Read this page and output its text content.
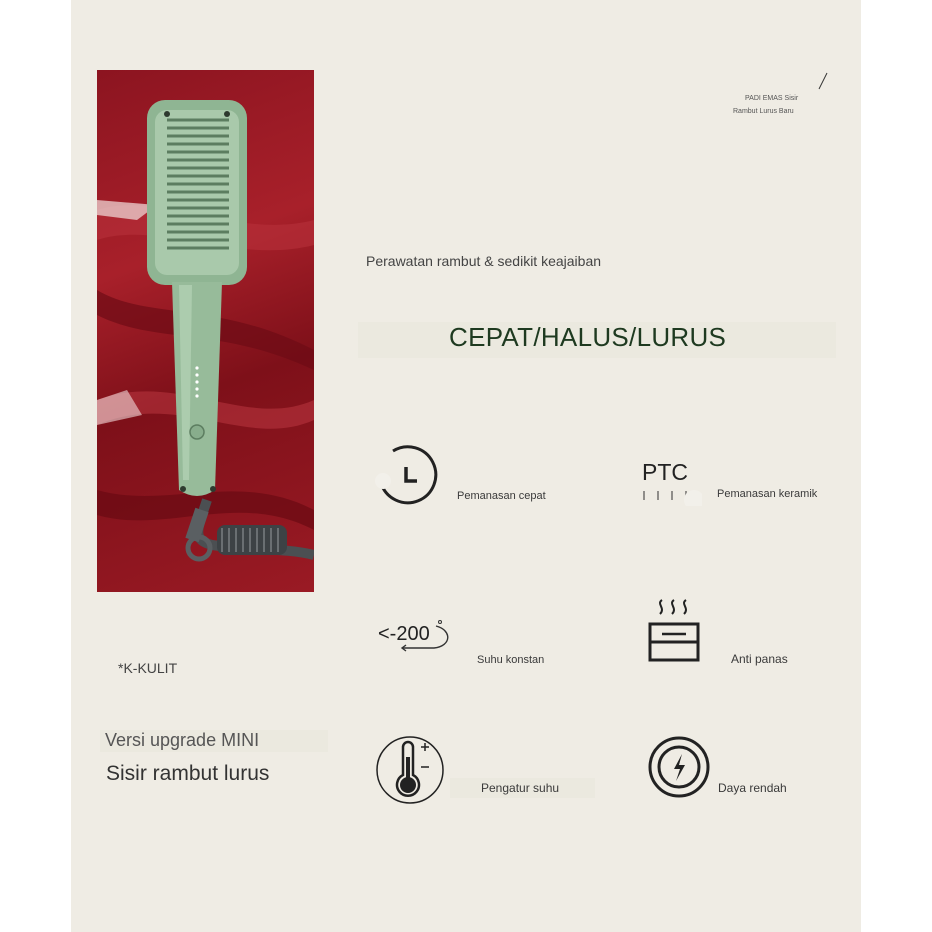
PADI EMAS Sisir
Rambut Lurus Baru
Perawatan rambut & sedikit keajaiban
CEPAT/HALUS/LURUS
Pemanasan cepat
PTC
Pemanasan keramik
<-200
Suhu konstan	Anti panas
Pengatur suhu	Daya rendah
*K-KULIT
Versi upgrade MINI
Sisir rambut lurus
